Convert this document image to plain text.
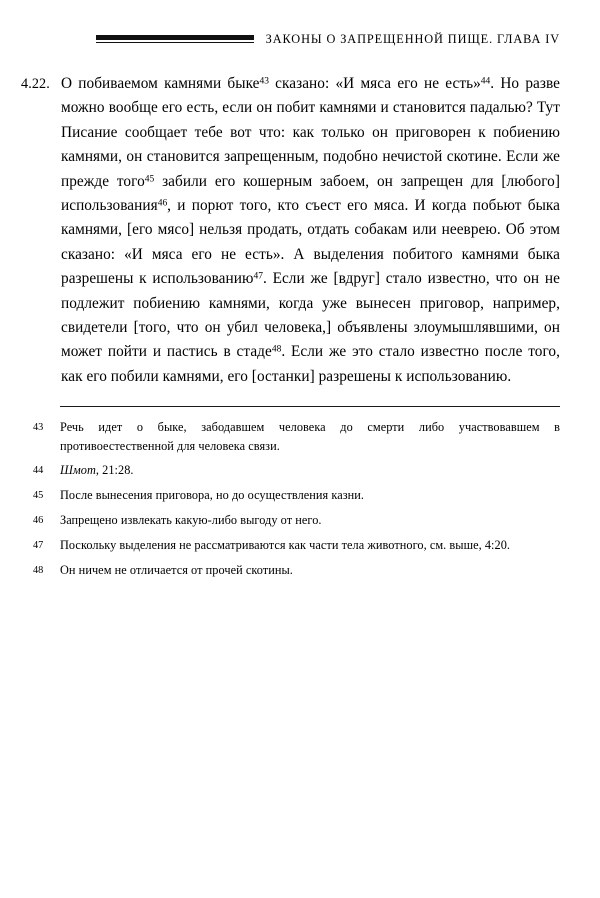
ЗАКОНЫ О ЗАПРЕЩЕННОЙ ПИЩЕ. ГЛАВА IV
4.22. О побиваемом камнями быке$^{43}$ сказано: «И мяса его не есть»$^{44}$. Но разве можно вообще его есть, если он побит камнями и становится падалью? Тут Писание сообщает тебе вот что: как только он приговорен к побиению камнями, он становится запрещенным, подобно нечистой скотине. Если же прежде того$^{45}$ забили его кошерным забоем, он запрещен для [любого] использования$^{46}$, и порют того, кто съест его мяса. И когда побьют быка камнями, [его мясо] нельзя продать, отдать собакам или нееврею. Об этом сказано: «И мяса его не есть». А выделения побитого камнями быка разрешены к использованию$^{47}$. Если же [вдруг] стало известно, что он не подлежит побиению камнями, когда уже вынесен приговор, например, свидетели [того, что он убил человека,] объявлены злоумышлявшими, он может пойти и пастись в стаде$^{48}$. Если же это стало известно после того, как его побили камнями, его [останки] разрешены к использованию.
43	Речь идет о быке, забодавшем человека до смерти либо участвовавшем в противоестественной для человека связи.
44	Шмот, 21:28.
45	После вынесения приговора, но до осуществления казни.
46	Запрещено извлекать какую-либо выгоду от него.
47	Поскольку выделения не рассматриваются как части тела животного, см. выше, 4:20.
48	Он ничем не отличается от прочей скотины.
